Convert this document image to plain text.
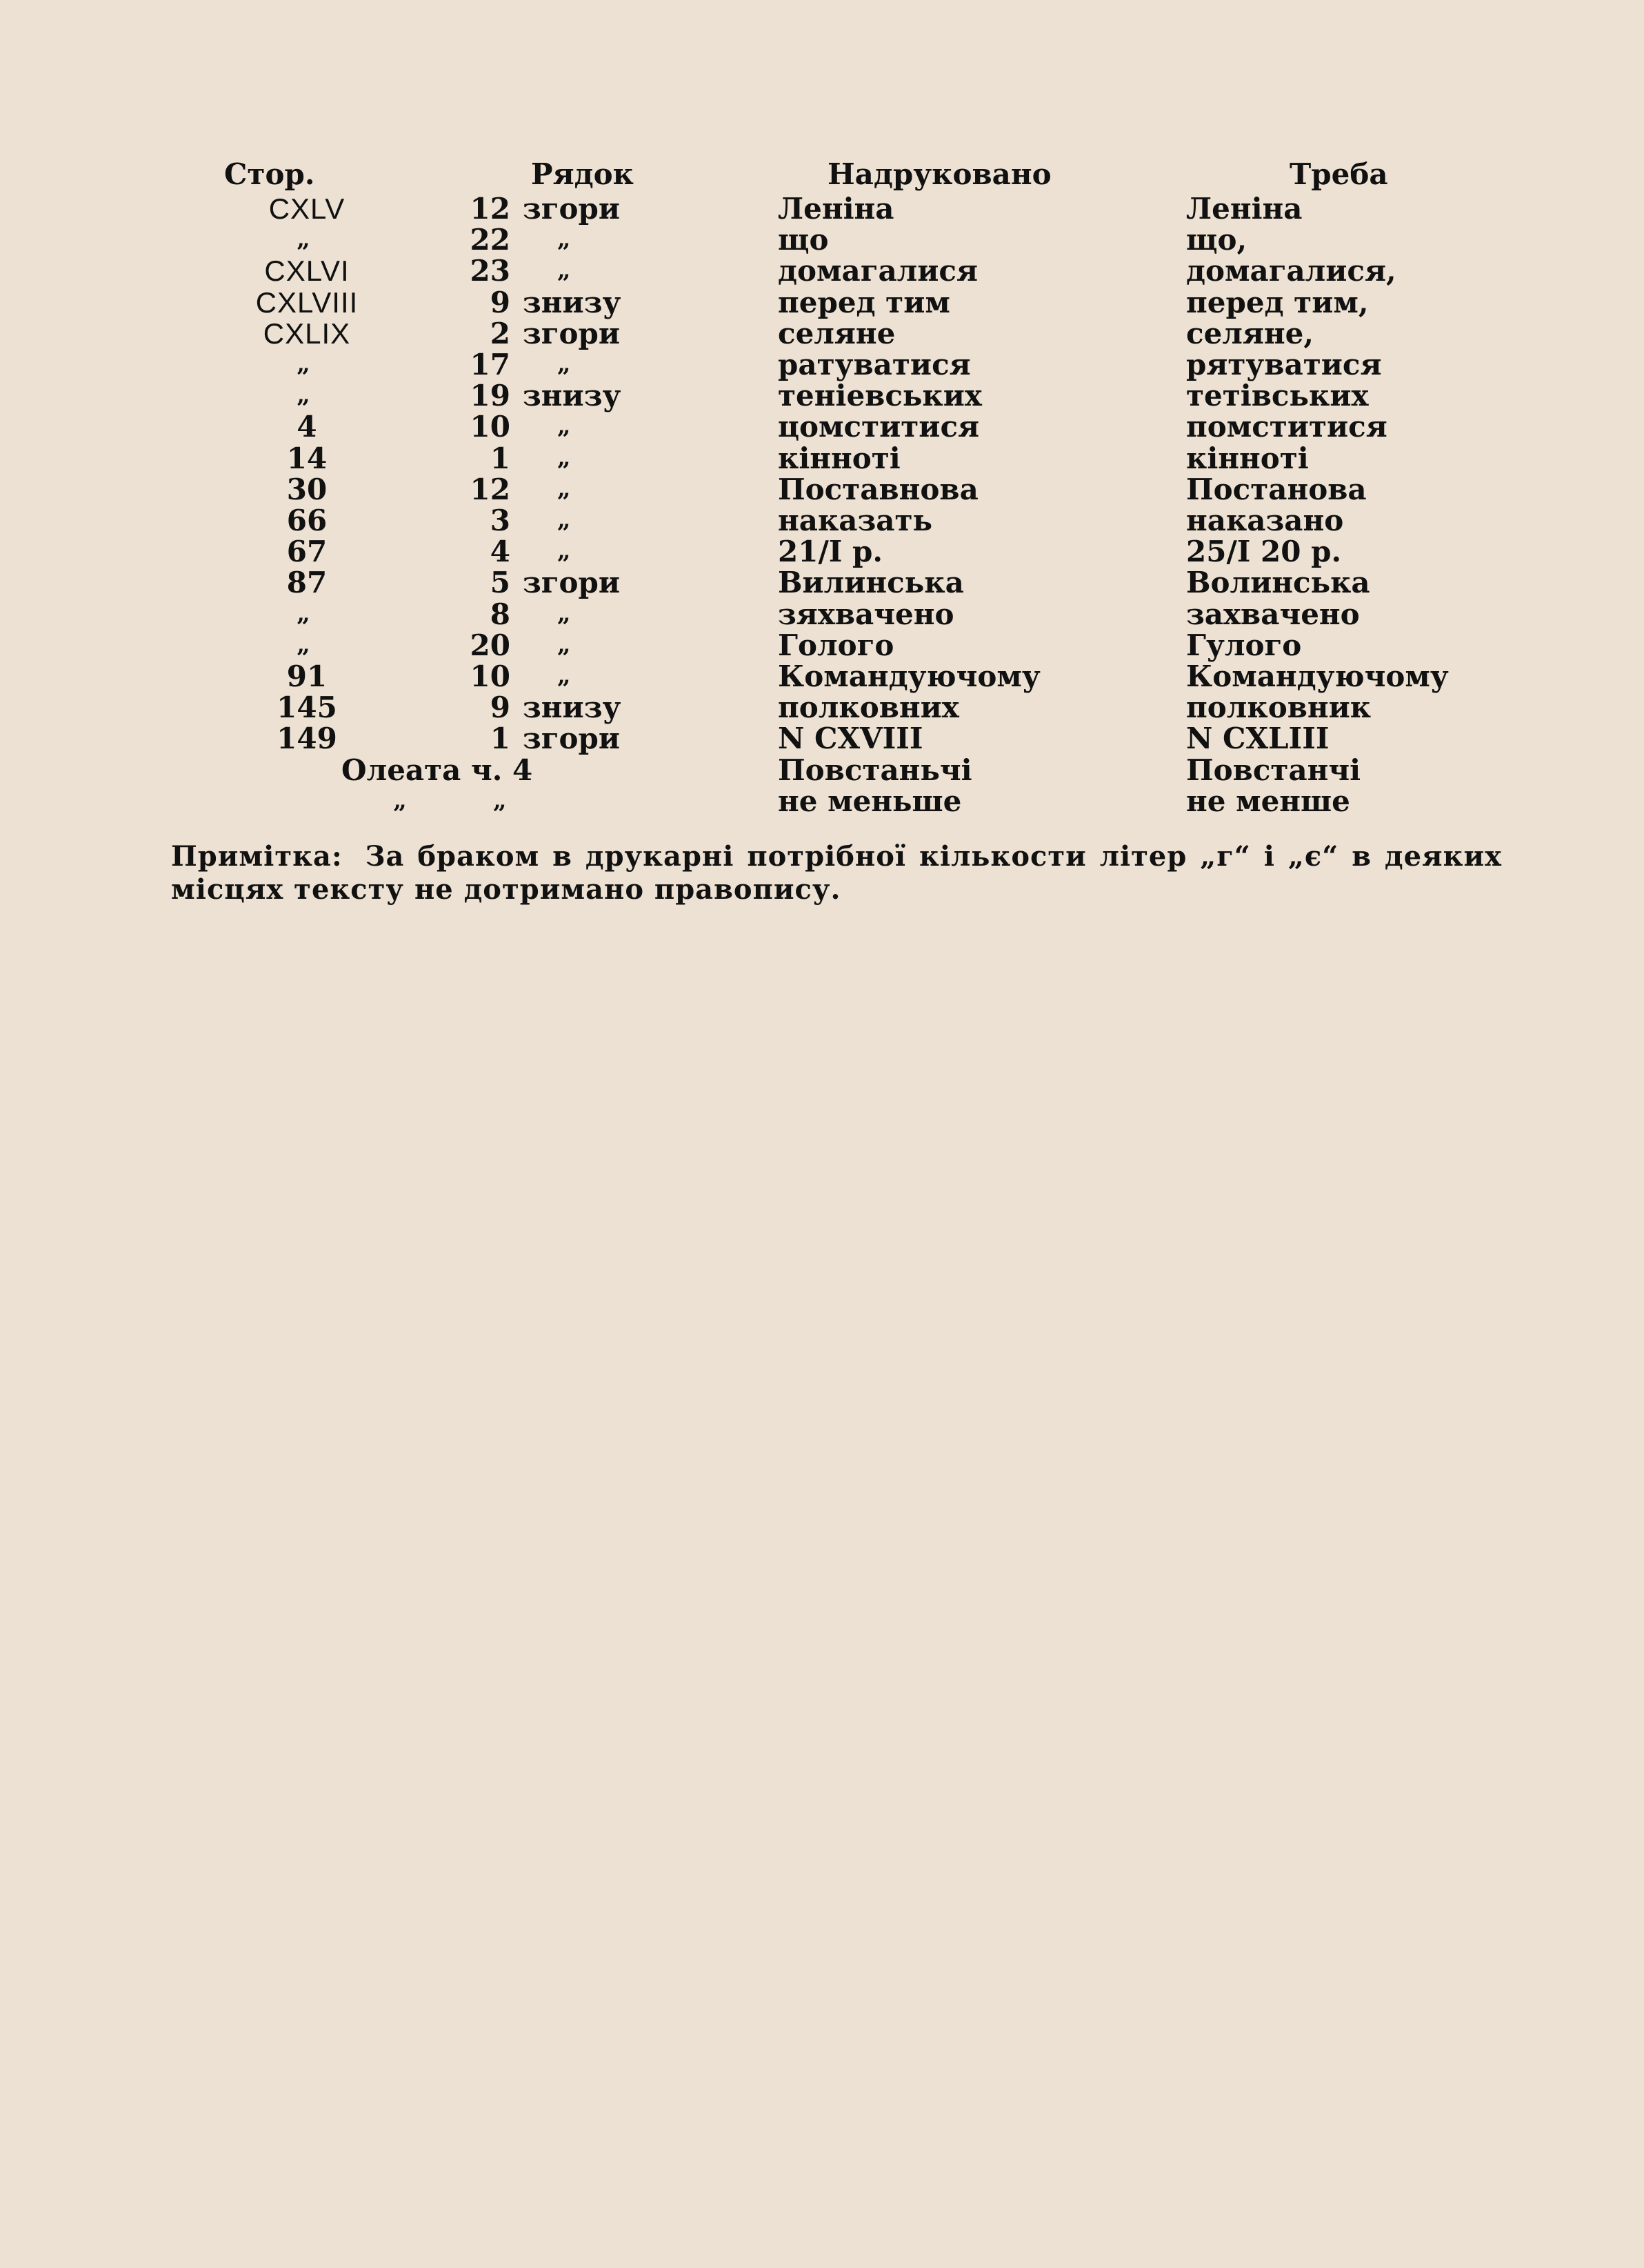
Стор.	Рядок	Надруковано	Треба
CXLV	12 згори	Леніна	Леніна
„	22 „	що	що,
CXLVI	23 „	домагалися	домагалися,
CXLVIII	9 знизу	перед тим	перед тим,
CXLIX	2 згори	селяне	селяне,
„	17 „	ратуватися	рятуватися
„	19 знизу	теніевських	тетівських
4	10 „	цомститися	помститися
14	1 „	кінноті	кінноті
30	12 „	Поставнова	Постанова
66	3 „	наказать	наказано
67	4 „	21/I р.	25/I 20 р.
87	5 згори	Вилинська	Волинська
„	8 „	зяхвачено	захвачено
„	20 „	Голого	Гулого
91	10 „	Командуючому	Командуючому
145	9 знизу	полковних	полковник
149	1 згори	N CXVIII	N CXLIII
Олеата ч. 4	Повстаньчі	Повстанчі
„	„	не меньше	не менше
Примітка: За браком в друкарні потрібної кількости літер „г“ і „є“ в деяких місцях тексту не дотримано правопису.
